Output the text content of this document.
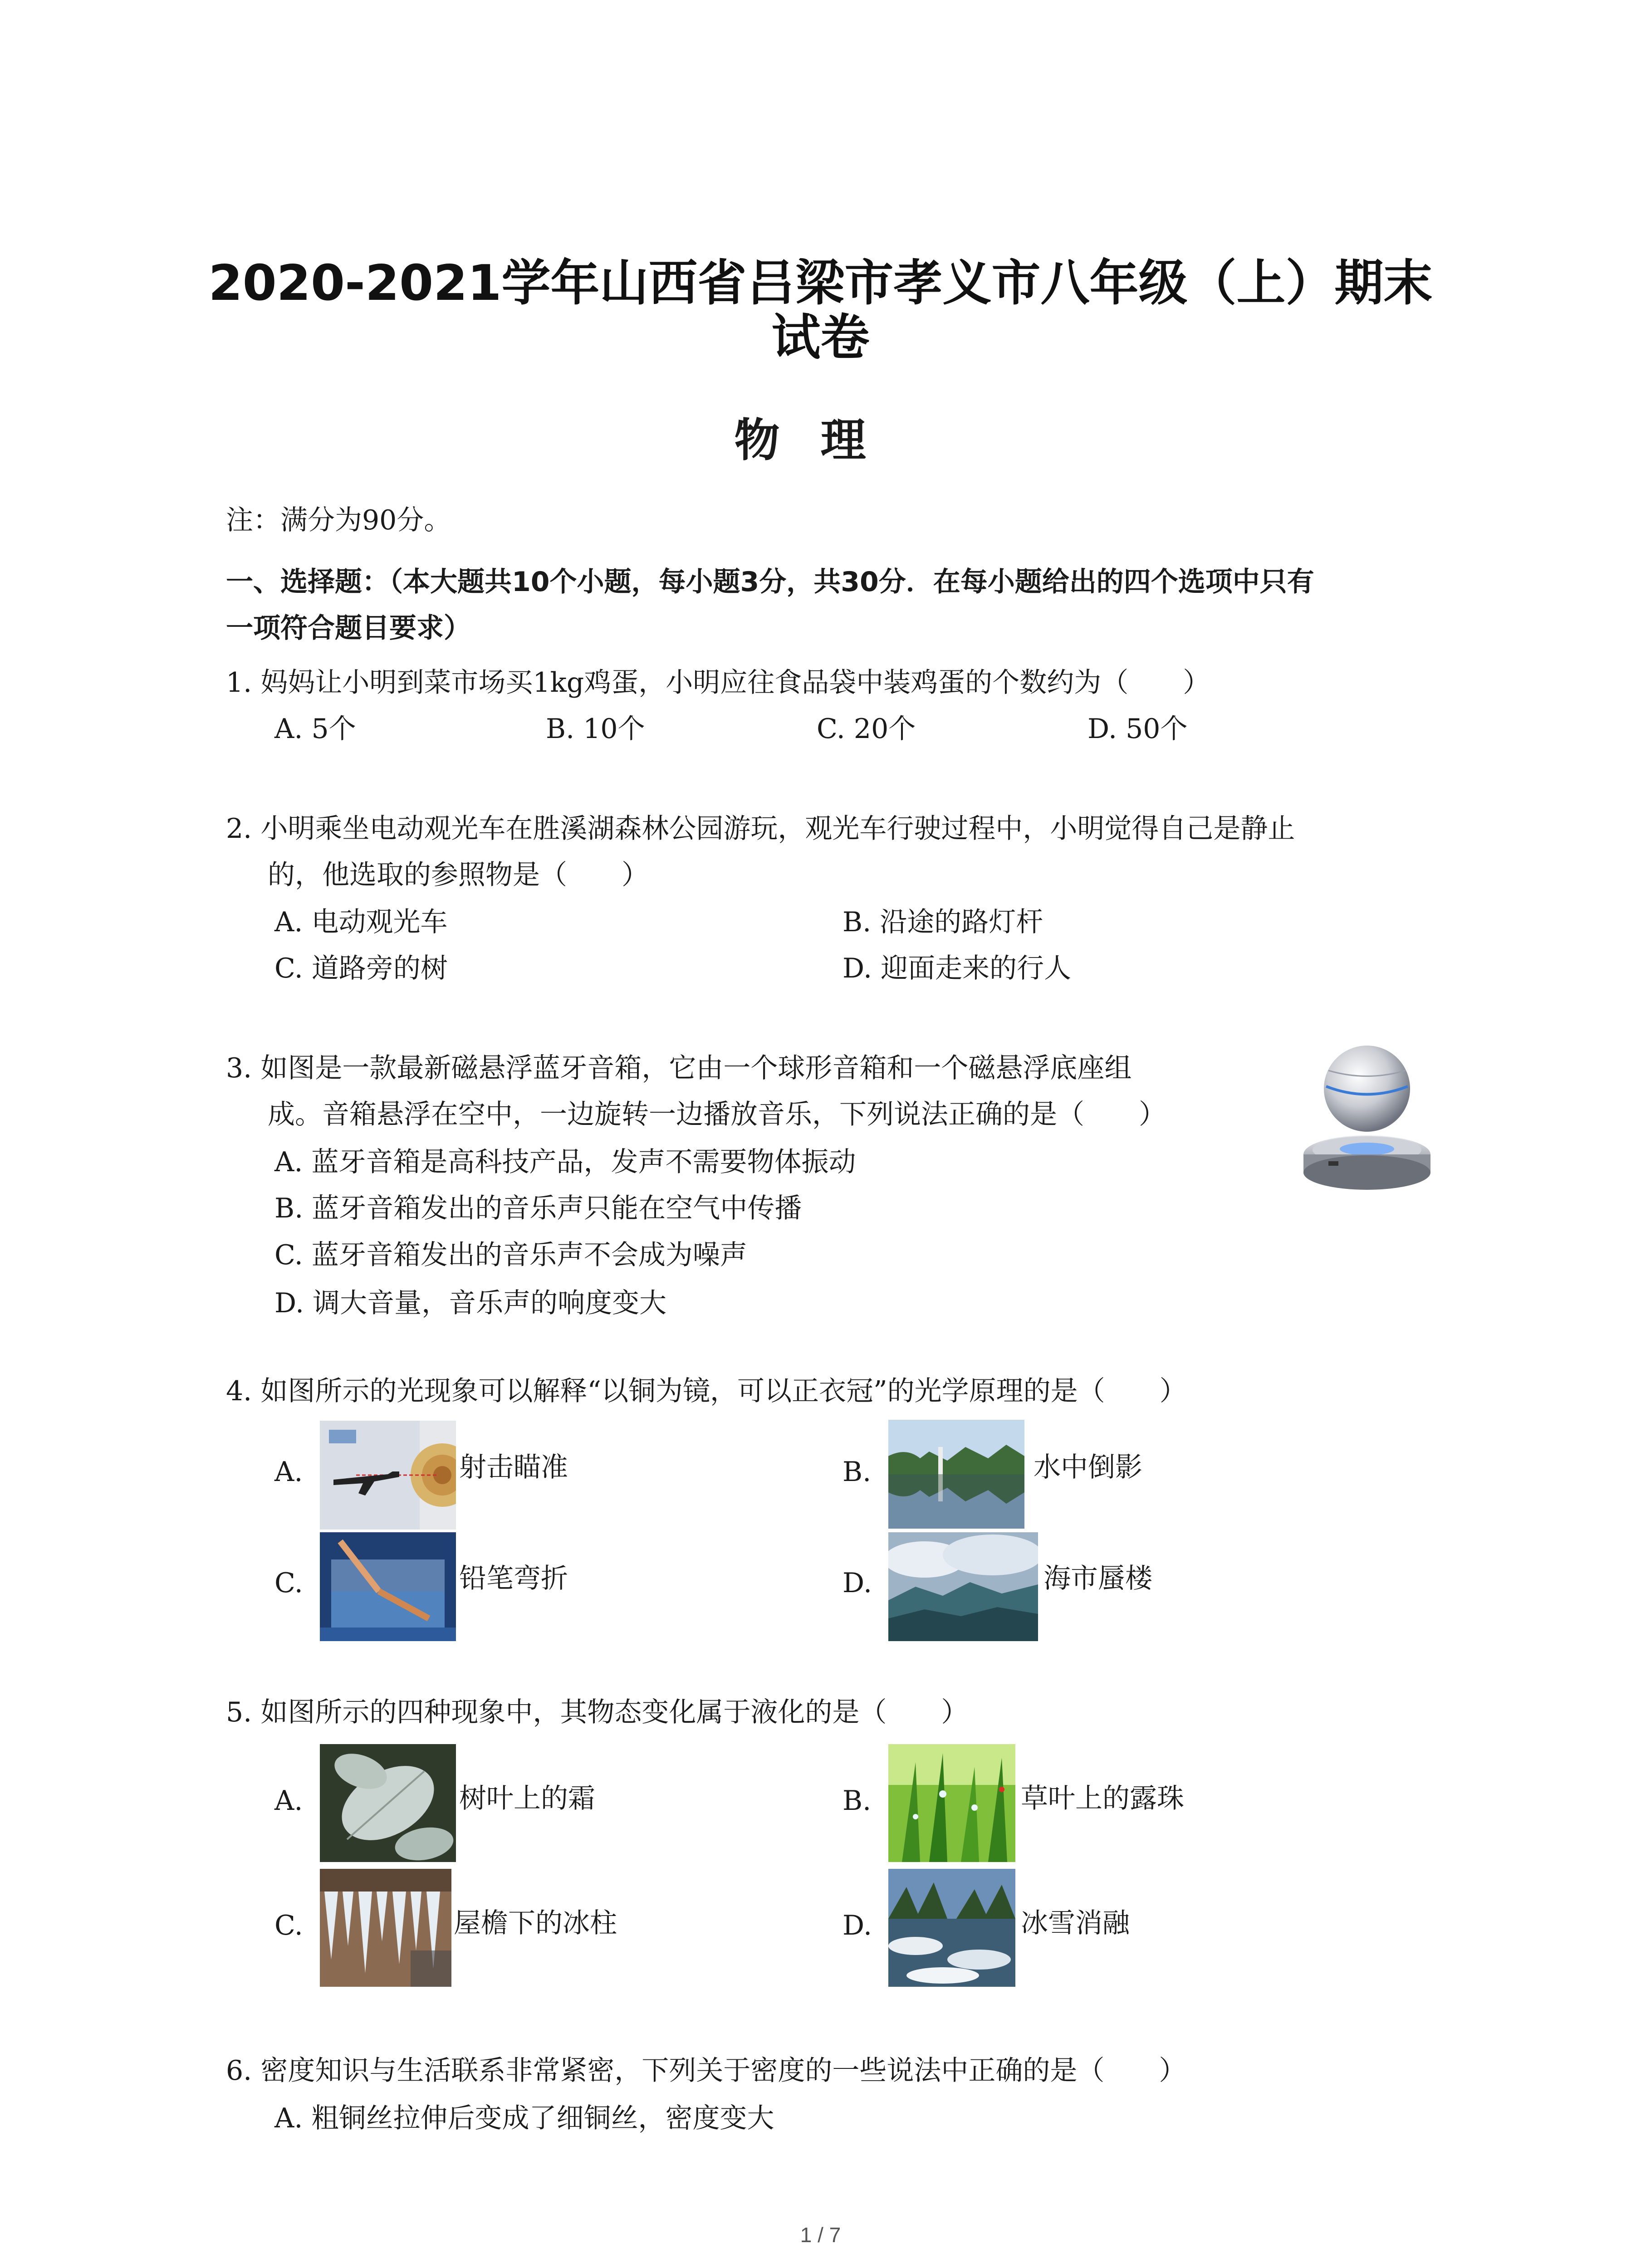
2020-2021学年山西省吕梁市孝义市八年级（上）期末
试卷
物理
注：满分为90分。
一、选择题：（本大题共10个小题，每小题3分，共30分．在每小题给出的四个选项中只有
一项符合题目要求）
1. 妈妈让小明到菜市场买1kg鸡蛋，小明应往食品袋中装鸡蛋的个数约为（　　）
A. 5个	B. 10个	C. 20个	D. 50个
2. 小明乘坐电动观光车在胜溪湖森林公园游玩，观光车行驶过程中，小明觉得自己是静止
的，他选取的参照物是（　　）
A. 电动观光车	B. 沿途的路灯杆
C. 道路旁的树	D. 迎面走来的行人
3. 如图是一款最新磁悬浮蓝牙音箱，它由一个球形音箱和一个磁悬浮底座组
成。音箱悬浮在空中，一边旋转一边播放音乐，下列说法正确的是（　　）
A. 蓝牙音箱是高科技产品，发声不需要物体振动
B. 蓝牙音箱发出的音乐声只能在空气中传播
C. 蓝牙音箱发出的音乐声不会成为噪声
D. 调大音量，音乐声的响度变大
4. 如图所示的光现象可以解释“以铜为镜，可以正衣冠”的光学原理的是（　　）
A.	射击瞄准	B.	水中倒影
C.	铅笔弯折	D.	海市蜃楼
5. 如图所示的四种现象中，其物态变化属于液化的是（　　）
A.	树叶上的霜	B.	草叶上的露珠
C.	屋檐下的冰柱	D.	冰雪消融
6. 密度知识与生活联系非常紧密，下列关于密度的一些说法中正确的是（　　）
A. 粗铜丝拉伸后变成了细铜丝，密度变大
1 / 7
